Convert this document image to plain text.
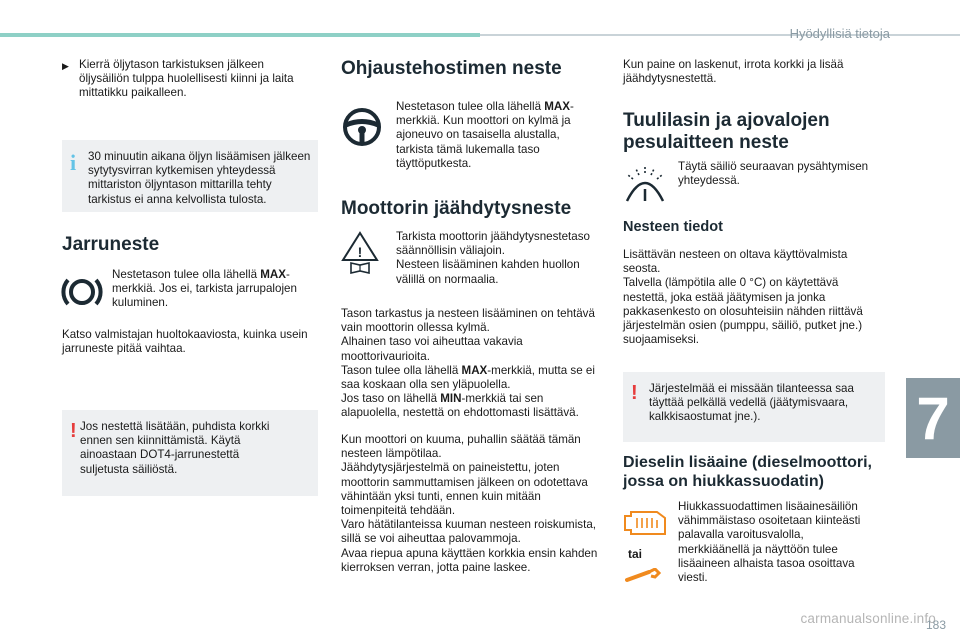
Hyödyllisiä tietoja
▶ Kierrä öljytason tarkistuksen jälkeen öljysäiliön tulppa huolellisesti kiinni ja laita mittatikku paikalleen.
i 30 minuutin aikana öljyn lisäämisen jälkeen sytytysvirran kytkemisen yhteydessä mittariston öljyntason mittarilla tehty tarkistus ei anna kelvollista tulosta.
Jarruneste
Nestetason tulee olla lähellä MAX-merkkiä. Jos ei, tarkista jarrupalojen kuluminen.
Katso valmistajan huoltokaaviosta, kuinka usein jarruneste pitää vaihtaa.
! Jos nestettä lisätään, puhdista korkki ennen sen kiinnittämistä. Käytä ainoastaan DOT4-jarrunestettä suljetusta säiliöstä.
Ohjaustehostimen neste
Nestetason tulee olla lähellä MAX-merkkiä. Kun moottori on kylmä ja ajoneuvo on tasaisella alustalla, tarkista tämä lukemalla taso täyttöputkesta.
Moottorin jäähdytysneste
!
Tarkista moottorin jäähdytysnestetaso säännöllisin väliajoin.
Nesteen lisääminen kahden huollon välillä on normaalia.
Tason tarkastus ja nesteen lisääminen on tehtävä vain moottorin ollessa kylmä.
Alhainen taso voi aiheuttaa vakavia moottorivaurioita.
Tason tulee olla lähellä MAX-merkkiä, mutta se ei saa koskaan olla sen yläpuolella.
Jos taso on lähellä MIN-merkkiä tai sen alapuolella, nestettä on ehdottomasti lisättävä.
Kun moottori on kuuma, puhallin säätää tämän nesteen lämpötilaa.
Jäähdytysjärjestelmä on paineistettu, joten moottorin sammuttamisen jälkeen on odotettava vähintään yksi tunti, ennen kuin mitään toimenpiteitä tehdään.
Varo hätätilanteissa kuuman nesteen roiskumista, sillä se voi aiheuttaa palovammoja.
Avaa riepua apuna käyttäen korkkia ensin kahden kierroksen verran, jotta paine laskee.
Kun paine on laskenut, irrota korkki ja lisää jäähdytysnestettä.
Tuulilasin ja ajovalojen pesulaitteen neste
Täytä säiliö seuraavan pysähtymisen yhteydessä.
Nesteen tiedot
Lisättävän nesteen on oltava käyttövalmista seosta.
Talvella (lämpötila alle 0 °C) on käytettävä nestettä, joka estää jäätymisen ja jonka pakkasenkesto on olosuhteisiin nähden riittävä järjestelmän osien (pumppu, säiliö, putket jne.) suojaamiseksi.
! Järjestelmää ei missään tilanteessa saa täyttää pelkällä vedellä (jäätymisvaara, kalkkisaostumat jne.).
Dieselin lisäaine (dieselmoottori, jossa on hiukkassuodatin)
tai
Hiukkassuodattimen lisäainesäiliön vähimmäistaso osoitetaan kiinteästi palavalla varoitusvalolla, merkkiäänellä ja näyttöön tulee lisäaineen alhaista tasoa osoittava viesti.
7
carmanualsonline.info
183
